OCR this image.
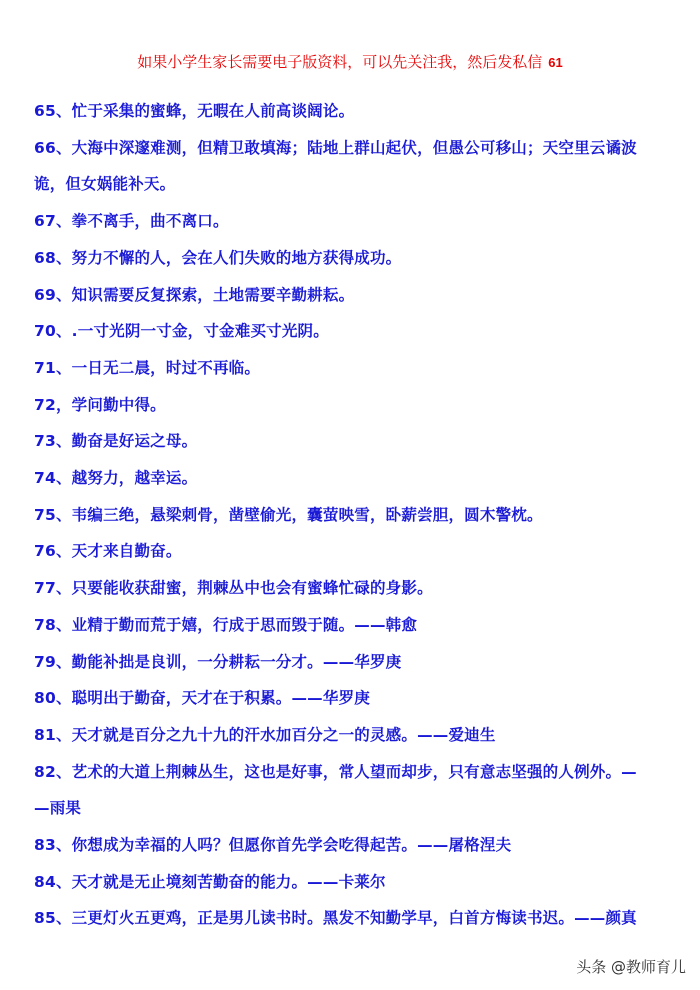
如果小学生家长需要电子版资料，可以先关注我，然后发私信 61
65、忙于采集的蜜蜂，无暇在人前高谈阔论。
66、大海中深邃难测，但精卫敢填海；陆地上群山起伏，但愚公可移山；天空里云谲波
诡，但女娲能补天。
67、拳不离手，曲不离口。
68、努力不懈的人，会在人们失败的地方获得成功。
69、知识需要反复探索，土地需要辛勤耕耘。
70、.一寸光阴一寸金，寸金难买寸光阴。
71、一日无二晨，时过不再临。
72，学问勤中得。
73、勤奋是好运之母。
74、越努力，越幸运。
75、韦编三绝，悬梁刺骨，凿壁偷光，囊萤映雪，卧薪尝胆，圆木警枕。
76、天才来自勤奋。
77、只要能收获甜蜜，荆棘丛中也会有蜜蜂忙碌的身影。
78、业精于勤而荒于嬉，行成于思而毁于随。——韩愈
79、勤能补拙是良训，一分耕耘一分才。——华罗庚
80、聪明出于勤奋，天才在于积累。——华罗庚
81、天才就是百分之九十九的汗水加百分之一的灵感。——爱迪生
82、艺术的大道上荆棘丛生，这也是好事，常人望而却步，只有意志坚强的人例外。—
—雨果
83、你想成为幸福的人吗？但愿你首先学会吃得起苦。——屠格涅夫
84、天才就是无止境刻苦勤奋的能力。——卡莱尔
85、三更灯火五更鸡，正是男儿读书时。黑发不知勤学早，白首方悔读书迟。——颜真
头条 @教师育儿
